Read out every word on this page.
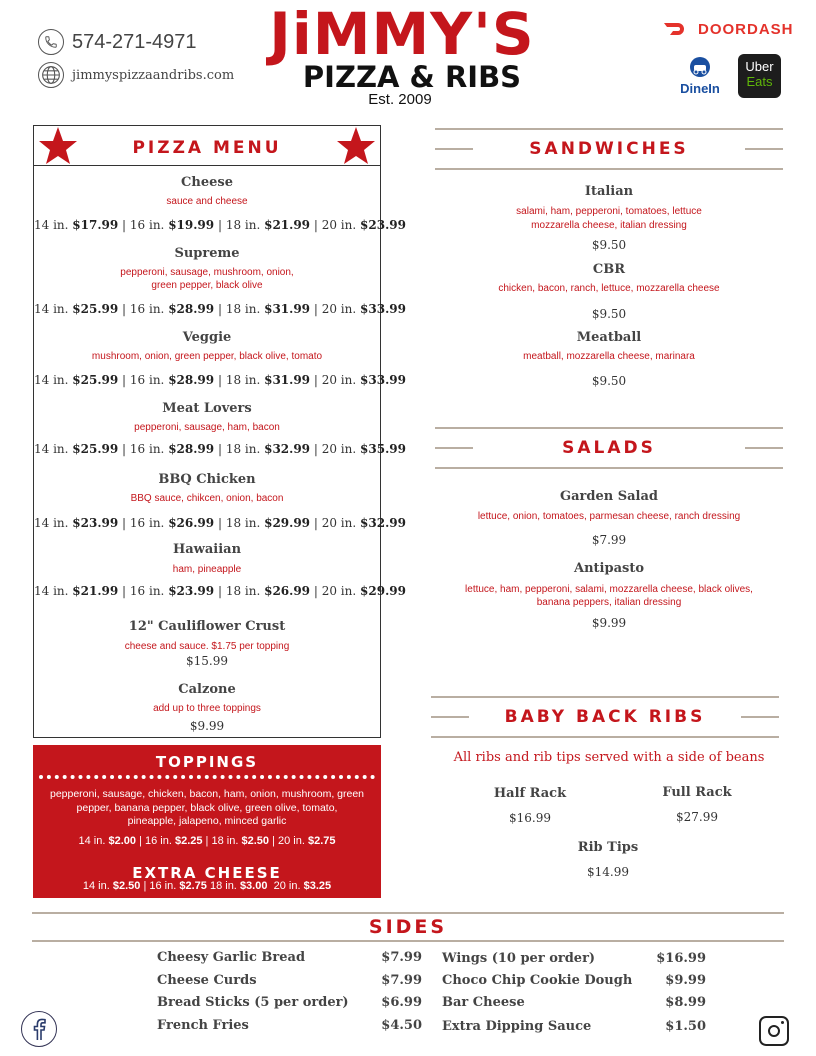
574-271-4971
jimmyspizzaandribs.com
JiMMY'S
PIZZA & RIBS
Est. 2009
DOORDASH
DineIn
Uber
Eats
PIZZA MENU
Cheese
sauce and cheese
14 in. $17.99 | 16 in. $19.99 | 18 in. $21.99 | 20 in. $23.99
Supreme
pepperoni, sausage, mushroom, onion,
green pepper, black olive
14 in. $25.99 | 16 in. $28.99 | 18 in. $31.99 | 20 in. $33.99
Veggie
mushroom, onion, green pepper, black olive, tomato
14 in. $25.99 | 16 in. $28.99 | 18 in. $31.99 | 20 in. $33.99
Meat Lovers
pepperoni, sausage, ham, bacon
14 in. $25.99 | 16 in. $28.99 | 18 in. $32.99 | 20 in. $35.99
BBQ Chicken
BBQ sauce, chikcen, onion, bacon
14 in. $23.99 | 16 in. $26.99 | 18 in. $29.99 | 20 in. $32.99
Hawaiian
ham, pineapple
14 in. $21.99 | 16 in. $23.99 | 18 in. $26.99 | 20 in. $29.99
12" Cauliflower Crust
cheese and sauce. $1.75 per topping
$15.99
Calzone
add up to three toppings
$9.99
TOPPINGS
pepperoni, sausage, chicken, bacon, ham, onion, mushroom, green
pepper, banana pepper, black olive, green olive, tomato,
pineapple, jalapeno, minced garlic
14 in. $2.00 | 16 in. $2.25 | 18 in. $2.50 | 20 in. $2.75
EXTRA CHEESE
14 in. $2.50 | 16 in. $2.75 18 in. $3.00 20 in. $3.25
SANDWICHES
Italian
salami, ham, pepperoni, tomatoes, lettuce
mozzarella cheese, italian dressing
$9.50
CBR
chicken, bacon, ranch, lettuce, mozzarella cheese
$9.50
Meatball
meatball, mozzarella cheese, marinara
$9.50
SALADS
Garden Salad
lettuce, onion, tomatoes, parmesan cheese, ranch dressing
$7.99
Antipasto
lettuce, ham, pepperoni, salami, mozzarella cheese, black olives,
banana peppers, italian dressing
$9.99
BABY BACK RIBS
All ribs and rib tips served with a side of beans
Half Rack
$16.99
Full Rack
$27.99
Rib Tips
$14.99
SIDES
Cheesy Garlic Bread	$7.99
Cheese Curds	$7.99
Bread Sticks (5 per order)	$6.99
French Fries	$4.50
Wings (10 per order)	$16.99
Choco Chip Cookie Dough	$9.99
Bar Cheese	$8.99
Extra Dipping Sauce	$1.50
